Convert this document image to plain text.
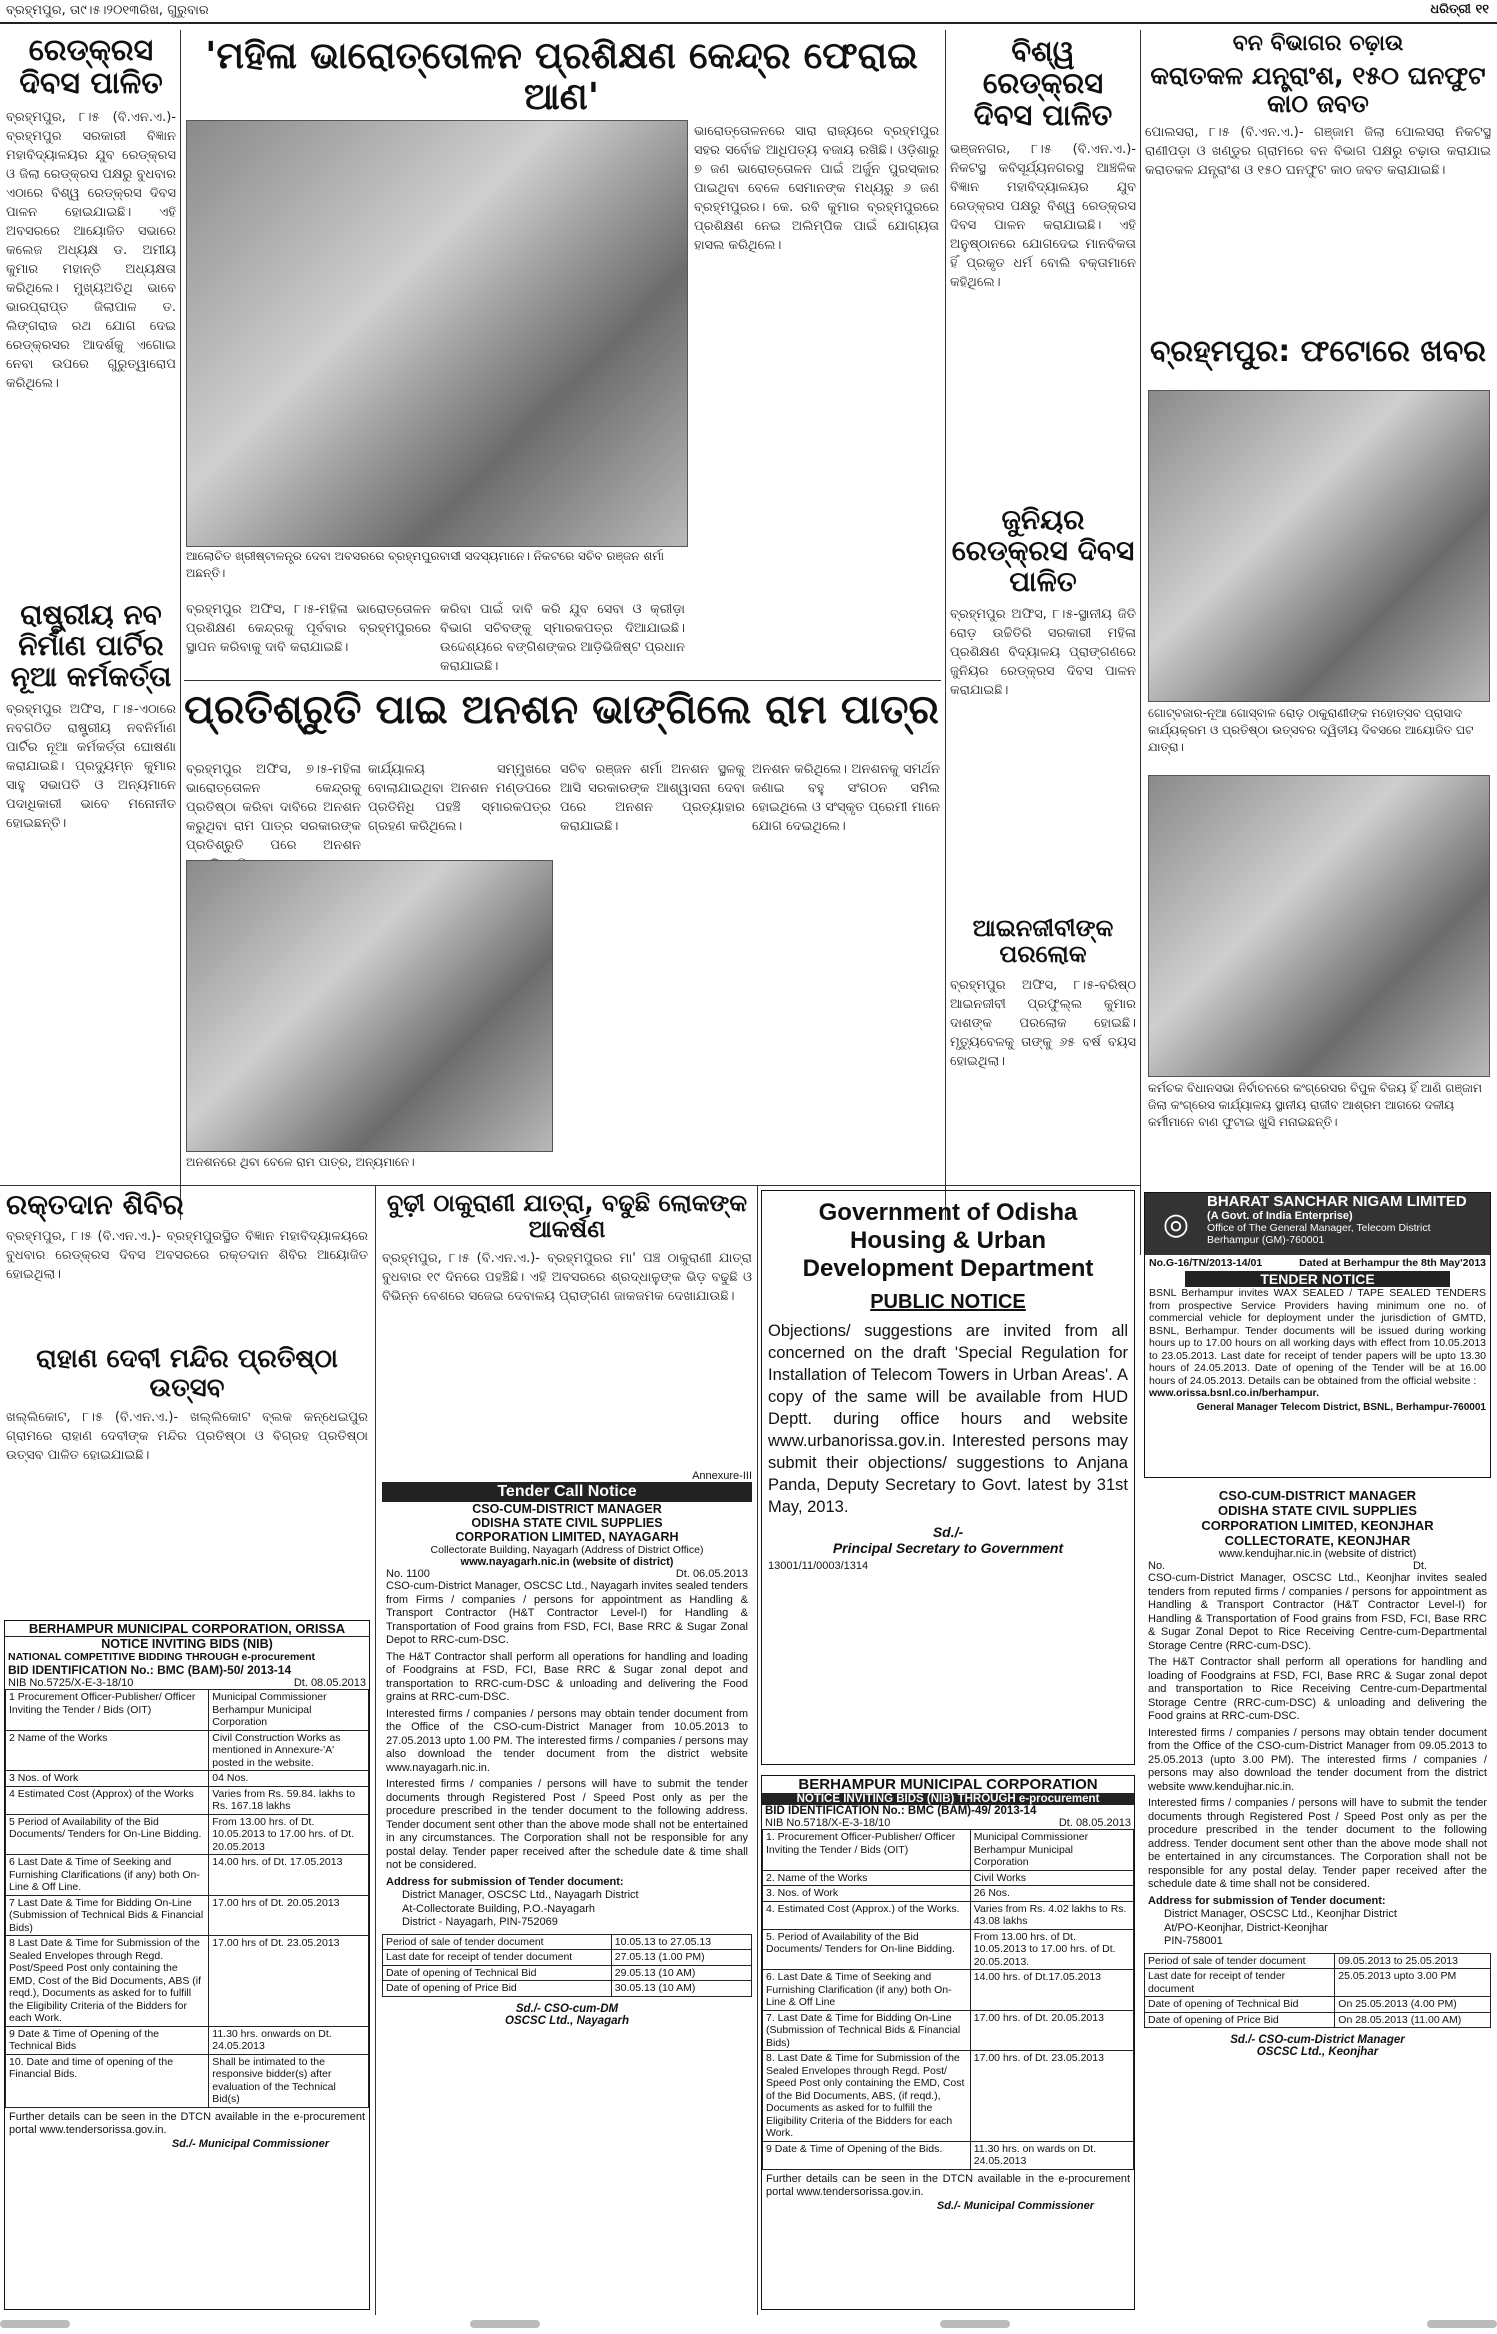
ବ୍ରହ୍ମପୁର, ତା୯।୫।୨୦୧୩ରିଖ, ଗୁରୁବାର	ଧରିତ୍ରୀ ୧୧
ରେଡ୍‌କ୍ରସ ଦିବସ ପାଳିତ
ବ୍ରହ୍ମପୁର, ୮।୫ (ବି.ଏନ.ଏ.)- ବ୍ରହ୍ମପୁର ସରକାରୀ ବିଜ୍ଞାନ ମହାବିଦ୍ୟାଳୟର ଯୁବ ରେଡ୍‌କ୍ରସ ଓ ଜିଲା ରେଡ୍‌କ୍ରସ ପକ୍ଷରୁ ବୁଧବାର ଏଠାରେ ବିଶ୍ୱ ରେଡ୍‌କ୍ରସ ଦିବସ ପାଳନ ହୋଇଯାଇଛି। ଏହି ଅବସରରେ ଆୟୋଜିତ ସଭାରେ କଲେଜ ଅଧ୍ୟକ୍ଷ ଡ. ଅମୀୟ କୁମାର ମହାନ୍ତି ଅଧ୍ୟକ୍ଷତା କରିଥିଲେ। ମୁଖ୍ୟଅତିଥି ଭାବେ ଭାରପ୍ରାପ୍ତ ଜିଲାପାଳ ତ. ଲିଙ୍ଗରାଜ ରଥ ଯୋଗ ଦେଇ ରେଡ୍‌କ୍ରସର ଆଦର୍ଶକୁ ଏଗୋଇ ନେବା ଉପରେ ଗୁରୁତ୍ୱାରୋପ କରିଥିଲେ।
ରାଷ୍ଟ୍ରୀୟ ନବ ନିର୍ମାଣ ପାର୍ଟିର ନୂଆ କର୍ମକର୍ତ୍ତା
ବ୍ରହ୍ମପୁର ଅଫିସ, ୮।୫-ଏଠାରେ ନବଗଠିତ ରାଷ୍ଟ୍ରୀୟ ନବନିର୍ମାଣ ପାର୍ଟିର ନୂଆ କର୍ମକର୍ତ୍ତା ଘୋଷଣା କରାଯାଇଛି। ପ୍ରଦ୍ୟୁମ୍ନ କୁମାର ସାହୁ ସଭାପତି ଓ ଅନ୍ୟମାନେ ପଦାଧିକାରୀ ଭାବେ ମନୋନୀତ ହୋଇଛନ୍ତି।
'ମହିଳା ଭାରୋତ୍ତୋଳନ ପ୍ରଶିକ୍ଷଣ କେନ୍ଦ୍ର ଫେରାଇ ଆଣ'
ଆଲୋଚିତ ଖ୍ରୀଷ୍ଟାଳନ୍ତ୍ର ଦେବା ଅବସରରେ ବ୍ରହ୍ମପୁରବାସୀ ସଦସ୍ୟମାନେ। ନିକଟରେ ସଚିବ ରଞ୍ଜନ ଶର୍ମା ଅଛନ୍ତି।
ଭାରୋତ୍ତୋଳନରେ ସାରା ରାଜ୍ୟରେ ବ୍ରହ୍ମପୁର ସହର ସର୍ବୋଚ୍ଚ ଆଧିପତ୍ୟ ବଜାୟ ରଖିଛି। ଓଡ଼ିଶାରୁ ୭ ଜଣ ଭାରୋତ୍ତୋଳନ ପାଇଁ ଅର୍ଜୁନ ପୁରସ୍କାର ପାଇଥିବା ବେଳେ ସେମାନଙ୍କ ମଧ୍ୟରୁ ୬ ଜଣ ବ୍ରହ୍ମପୁରର। କେ. ରବି କୁମାର ବ୍ରହ୍ମପୁରରେ ପ୍ରଶିକ୍ଷଣ ନେଇ ଅଲିମ୍ପିକ ପାଇଁ ଯୋଗ୍ୟତା ହାସଲ କରିଥିଲେ।
ବ୍ରହ୍ମପୁର ଅଫିସ, ୮।୫-ମହିଳା ଭାରୋତ୍ତୋଳନ ପ୍ରଶିକ୍ଷଣ କେନ୍ଦ୍ରକୁ ପୂର୍ବବାର ବ୍ରହ୍ମପୁରରେ ସ୍ଥାପନ କରିବାକୁ ଦାବି କରାଯାଇଛି।
କରିବା ପାଇଁ ଦାବି କରି ଯୁବ ସେବା ଓ କ୍ରୀଡ଼ା ବିଭାଗ ସଚିବଙ୍କୁ ସ୍ମାରକପତ୍ର ଦିଆଯାଇଛି। ଉଦ୍ଦେଶ୍ୟରେ ବଙ୍ଗିଶଙ୍କର ଆଡ଼ିଭିଜିଷ୍ଟ ପ୍ରଧାନ କରାଯାଇଛି।
ବିଶ୍ୱ ରେଡ୍‌କ୍ରସ ଦିବସ ପାଳିତ
ଭଞ୍ଜନଗର, ୮।୫ (ବି.ଏନ.ଏ.)- ନିକଟସ୍ଥ କବିସୂର୍ଯ୍ୟନଗରସ୍ଥ ଆଞ୍ଚଳିକ ବିଜ୍ଞାନ ମହାବିଦ୍ୟାଳୟର ଯୁବ ରେଡ୍‌କ୍ରସ ପକ୍ଷରୁ ବିଶ୍ୱ ରେଡ୍‌କ୍ରସ ଦିବସ ପାଳନ କରାଯାଇଛି। ଏହି ଅନୁଷ୍ଠାନରେ ଯୋଗଦେଇ ମାନବିକତା ହିଁ ପ୍ରକୃତ ଧର୍ମ ବୋଲି ବକ୍ତାମାନେ କହିଥିଲେ।
ଜୁନିୟର ରେଡ୍‌କ୍ରସ ଦିବସ ପାଳିତ
ବ୍ରହ୍ମପୁର ଅଫିସ, ୮।୫-ସ୍ଥାନୀୟ ଜିତି ରୋଡ଼ ଉଚ୍ଚିତିରି ସରକାରୀ ମହିଳା ପ୍ରଶିକ୍ଷଣ ବିଦ୍ୟାଳୟ ପ୍ରାଙ୍ଗଣରେ ଜୁନିୟର ରେଡ୍‌କ୍ରସ ଦିବସ ପାଳନ କରାଯାଇଛି।
ଆଇନଜୀବୀଙ୍କ ପରଲୋକ
ବ୍ରହ୍ମପୁର ଅଫିସ, ୮।୫-ବରିଷ୍ଠ ଆଇନଜୀବୀ ପ୍ରଫୁଲ୍ଲ କୁମାର ଦାଶଙ୍କ ପରଲୋକ ହୋଇଛି। ମୃତ୍ୟୁବେଳକୁ ତାଙ୍କୁ ୬୫ ବର୍ଷ ବୟସ ହୋଇଥିଲା।
ବନ ବିଭାଗର ଚଢ଼ାଉ
କରାତକଳ ଯନ୍ତ୍ରାଂଶ, ୧୫୦ ଘନଫୁଟ କାଠ ଜବତ
ପୋଲସରା, ୮।୫ (ବି.ଏନ.ଏ.)- ଗଞ୍ଜାମ ଜିଲା ପୋଲସରା ନିକଟସ୍ଥ ରାଣୀପଡ଼ା ଓ ଖଣ୍ଡୁର ଗ୍ରାମରେ ବନ ବିଭାଗ ପକ୍ଷରୁ ଚଢ଼ାଉ କରାଯାଇ କରାତକଳ ଯନ୍ତ୍ରାଂଶ ଓ ୧୫୦ ଘନଫୁଟ କାଠ ଜବତ କରାଯାଇଛି।
ବ୍ରହ୍ମପୁର: ଫଟୋରେ ଖବର
ଗୋଟ୍‌ବଜାର-ନୂଆ ଗୋସ୍‌ବାଳ ରୋଡ଼ ଠାକୁରାଣୀଙ୍କ ମହୋତ୍ସବ ପ୍ରାସାଦ କାର୍ଯ୍ୟକ୍ରମ ଓ ପ୍ରତିଷ୍ଠା ଉତ୍ସବର ଦ୍ୱିତୀୟ ଦିବସରେ ଆୟୋଜିତ ଘଟ ଯାତ୍ରା।
କର୍ମଚକ ବିଧାନସଭା ନିର୍ବାଚନରେ କଂଗ୍ରେସର ବିପୁଳ ବିଜୟ ହିଁ ଆଣି ଗଞ୍ଜାମ ଜିଲା କଂଗ୍ରେସ କାର୍ଯ୍ୟାଳୟ ସ୍ଥାନୀୟ ରାଜୀବ ଆଶ୍ରମ ଆଗରେ ଦଳୀୟ କର୍ମୀମାନେ ବାଣ ଫୁଟାଇ ଖୁସି ମନାଇଛନ୍ତି।
ପ୍ରତିଶ୍ରୁତି ପାଇ ଅନଶନ ଭାଙ୍ଗିଲେ ରାମ ପାତ୍ର
ବ୍ରହ୍ମପୁର ଅଫିସ, ୭।୫-ମହିଳା ଭାରୋତ୍ତୋଳନ କେନ୍ଦ୍ରକୁ ପ୍ରତିଷ୍ଠା କରିବା ଦାବିରେ ଅନଶନ କରୁଥିବା ରାମ ପାତ୍ର ସରକାରଙ୍କ ପ୍ରତିଶ୍ରୁତି ପରେ ଅନଶନ
ଅନଶନରେ ଥିବା ବେଳେ ରାମ ପାତ୍ର, ଅନ୍ୟମାନେ।
କାର୍ଯ୍ୟାଳୟ ସମ୍ମୁଖରେ ବୋଲାଯାଇଥିବା ଅନଶନ ମଣ୍ଡପରେ ପ୍ରତିନିଧି ପହଞ୍ଚି ସ୍ମାରକପତ୍ର ଗ୍ରହଣ କରିଥିଲେ।
ସଚିବ ରଞ୍ଜନ ଶର୍ମା ଅନଶନ ସ୍ଥଳକୁ ଆସି ସରକାରଙ୍କ ଆଶ୍ୱାସନା ଦେବା ପରେ ଅନଶନ ପ୍ରତ୍ୟାହାର କରାଯାଇଛି।
ଅନଶନ କରିଥିଲେ। ଅନଶନକୁ ସମର୍ଥନ ଜଣାଇ ବହୁ ସଂଗଠନ ସମିଲ ହୋଇଥିଲେ ଓ ସଂସ୍କୃତ ପ୍ରେମୀ ମାନେ ଯୋଗ ଦେଇଥିଲେ।
ରକ୍ତଦାନ ଶିବିର
ବ୍ରହ୍ମପୁର, ୮।୫ (ବି.ଏନ.ଏ.)- ବ୍ରହ୍ମପୁରସ୍ଥିତ ବିଜ୍ଞାନ ମହାବିଦ୍ୟାଳୟରେ ବୁଧବାର ରେଡ୍‌କ୍ରସ ଦିବସ ଅବସରରେ ରକ୍ତଦାନ ଶିବିର ଆୟୋଜିତ ହୋଇଥିଲା।
ରାହାଣ ଦେବୀ ମନ୍ଦିର ପ୍ରତିଷ୍ଠା ଉତ୍ସବ
ଖଲ୍ଲିକୋଟ, ୮।୫ (ବି.ଏନ.ଏ.)- ଖଲ୍ଲିକୋଟ ବ୍ଲକ କନ୍ଧେଇପୁର ଗ୍ରାମରେ ରାହାଣ ଦେବୀଙ୍କ ମନ୍ଦିର ପ୍ରତିଷ୍ଠା ଓ ବିଗ୍ରହ ପ୍ରତିଷ୍ଠା ଉତ୍ସବ ପାଳିତ ହୋଇଯାଇଛି।
ବୁଢ଼ୀ ଠାକୁରାଣୀ ଯାତ୍ରା, ବଢୁଛି ଲୋକଙ୍କ ଆକର୍ଷଣ
ବ୍ରହ୍ମପୁର, ୮।୫ (ବି.ଏନ.ଏ.)- ବ୍ରହ୍ମପୁରର ମା' ପଞ୍ଚ ଠାକୁରାଣୀ ଯାତ୍ରା ବୁଧବାର ୧୯ ଦିନରେ ପହଞ୍ଚିଛି। ଏହି ଅବସରରେ ଶ୍ରଦ୍ଧାଳୁଙ୍କ ଭିଡ଼ ବଢୁଛି ଓ ବିଭିନ୍ନ ବେଶରେ ସଜେଇ ଦେବାଳୟ ପ୍ରାଙ୍ଗଣ ଜାକଜମକ ଦେଖାଯାଉଛି।
BERHAMPUR MUNICIPAL CORPORATION, ORISSA
NOTICE INVITING BIDS (NIB)
NATIONAL COMPETITIVE BIDDING THROUGH e-procurement
BID IDENTIFICATION No.: BMC (BAM)-50/ 2013-14
NIB No.5725/X-E-3-18/10	Dt. 08.05.2013
1 Procurement Officer-Publisher/ Officer Inviting the Tender / Bids (OIT)	Municipal Commissioner Berhampur Municipal Corporation
2 Name of the Works	Civil Construction Works as mentioned in Annexure-'A' posted in the website.
3 Nos. of Work	04 Nos.
4 Estimated Cost (Approx) of the Works	Varies from Rs. 59.84. lakhs to Rs. 167.18 lakhs
5 Period of Availability of the Bid Documents/ Tenders for On-Line Bidding.	From 13.00 hrs. of Dt. 10.05.2013 to 17.00 hrs. of Dt. 20.05.2013
6 Last Date & Time of Seeking and Furnishing Clarifications (if any) both On-Line & Off Line.	14.00 hrs. of Dt. 17.05.2013
7 Last Date & Time for Bidding On-Line (Submission of Technical Bids & Financial Bids)	17.00 hrs of Dt. 20.05.2013
8 Last Date & Time for Submission of the Sealed Envelopes through Regd. Post/Speed Post only containing the EMD, Cost of the Bid Documents, ABS (if reqd.), Documents as asked for to fulfill the Eligibility Criteria of the Bidders for each Work.	17.00 hrs of Dt. 23.05.2013
9 Date & Time of Opening of the Technical Bids	11.30 hrs. onwards on Dt. 24.05.2013
10. Date and time of opening of the Financial Bids.	Shall be intimated to the responsive bidder(s) after evaluation of the Technical Bid(s)
Further details can be seen in the DTCN available in the e-procurement portal www.tendersorissa.gov.in.
Sd./- Municipal Commissioner
Annexure-III
Tender Call Notice
CSO-CUM-DISTRICT MANAGER
ODISHA STATE CIVIL SUPPLIES
CORPORATION LIMITED, NAYAGARH
Collectorate Building, Nayagarh (Address of District Office)
www.nayagarh.nic.in (website of district)
No. 1100	Dt. 06.05.2013
CSO-cum-District Manager, OSCSC Ltd., Nayagarh invites sealed tenders from Firms / companies / persons for appointment as Handling & Transport Contractor (H&T Contractor Level-I) for Handling & Transportation of Food grains from FSD, FCI, Base RRC & Sugar Zonal Depot to RRC-cum-DSC.
The H&T Contractor shall perform all operations for handling and loading of Foodgrains at FSD, FCI, Base RRC & Sugar zonal depot and transportation to RRC-cum-DSC & unloading and delivering the Food grains at RRC-cum-DSC.
Interested firms / companies / persons may obtain tender document from the Office of the CSO-cum-District Manager from 10.05.2013 to 27.05.2013 upto 1.00 PM. The interested firms / companies / persons may also download the tender document from the district website www.nayagarh.nic.in.
Interested firms / companies / persons will have to submit the tender documents through Registered Post / Speed Post only as per the procedure prescribed in the tender document to the following address. Tender document sent other than the above mode shall not be entertained in any circumstances. The Corporation shall not be responsible for any postal delay. Tender paper received after the schedule date & time shall not be considered.
Address for submission of Tender document:
District Manager, OSCSC Ltd., Nayagarh District
At-Collectorate Building, P.O.-Nayagarh
District - Nayagarh, PIN-752069
Period of sale of tender document	10.05.13 to 27.05.13
Last date for receipt of tender document	27.05.13 (1.00 PM)
Date of opening of Technical Bid	29.05.13 (10 AM)
Date of opening of Price Bid	30.05.13 (10 AM)
Sd./- CSO-cum-DM
OSCSC Ltd., Nayagarh
Government of Odisha
Housing & Urban
Development Department
PUBLIC NOTICE
Objections/ suggestions are invited from all concerned on the draft 'Special Regulation for Installation of Telecom Towers in Urban Areas'. A copy of the same will be available from HUD Deptt. during office hours and website www.urbanorissa.gov.in. Interested persons may submit their objections/ suggestions to Anjana Panda, Deputy Secretary to Govt. latest by 31st May, 2013.
Sd./-
Principal Secretary to Government
13001/11/0003/1314
BERHAMPUR MUNICIPAL CORPORATION
NOTICE INVITING BIDS (NIB) THROUGH e-procurement
BID IDENTIFICATION No.: BMC (BAM)-49/ 2013-14
NIB No.5718/X-E-3-18/10	Dt. 08.05.2013
1. Procurement Officer-Publisher/ Officer Inviting the Tender / Bids (OIT)	Municipal Commissioner Berhampur Municipal Corporation
2. Name of the Works	Civil Works
3. Nos. of Work	26 Nos.
4. Estimated Cost (Approx.) of the Works.	Varies from Rs. 4.02 lakhs to Rs. 43.08 lakhs
5. Period of Availability of the Bid Documents/ Tenders for On-line Bidding.	From 13.00 hrs. of Dt. 10.05.2013 to 17.00 hrs. of Dt. 20.05.2013.
6. Last Date & Time of Seeking and Furnishing Clarification (if any) both On-Line & Off Line	14.00 hrs. of Dt.17.05.2013
7. Last Date & Time for Bidding On-Line (Submission of Technical Bids & Financial Bids)	17.00 hrs. of Dt. 20.05.2013
8. Last Date & Time for Submission of the Sealed Envelopes through Regd. Post/ Speed Post only containing the EMD, Cost of the Bid Documents, ABS, (if reqd.), Documents as asked for to fulfill the Eligibility Criteria of the Bidders for each Work.	17.00 hrs. of Dt. 23.05.2013
9 Date & Time of Opening of the Bids.	11.30 hrs. on wards on Dt. 24.05.2013
Further details can be seen in the DTCN available in the e-procurement portal www.tendersorissa.gov.in.
Sd./- Municipal Commissioner
◎
BHARAT SANCHAR NIGAM LIMITED
(A Govt. of India Enterprise)
Office of The General Manager, Telecom District
Berhampur (GM)-760001
No.G-16/TN/2013-14/01	Dated at Berhampur the 8th May'2013
TENDER NOTICE
BSNL Berhampur invites WAX SEALED / TAPE SEALED TENDERS from prospective Service Providers having minimum one no. of commercial vehicle for deployment under the jurisdiction of GMTD, BSNL, Berhampur. Tender documents will be issued during working hours up to 17.00 hours on all working days with effect from 10.05.2013 to 23.05.2013. Last date for receipt of tender papers will be upto 13.30 hours of 24.05.2013. Date of opening of the Tender will be at 16.00 hours of 24.05.2013. Details can be obtained from the official website :
www.orissa.bsnl.co.in/berhampur.
General Manager Telecom District, BSNL, Berhampur-760001
CSO-CUM-DISTRICT MANAGER
ODISHA STATE CIVIL SUPPLIES
CORPORATION LIMITED, KEONJHAR
COLLECTORATE, KEONJHAR
www.kendujhar.nic.in (website of district)
No.	Dt.
CSO-cum-District Manager, OSCSC Ltd., Keonjhar invites sealed tenders from reputed firms / companies / persons for appointment as Handling & Transport Contractor (H&T Contractor Level-I) for Handling & Transportation of Food grains from FSD, FCI, Base RRC & Sugar Zonal Depot to Rice Receiving Centre-cum-Departmental Storage Centre (RRC-cum-DSC).
The H&T Contractor shall perform all operations for handling and loading of Foodgrains at FSD, FCI, Base RRC & Sugar zonal depot and transportation to Rice Receiving Centre-cum-Departmental Storage Centre (RRC-cum-DSC) & unloading and delivering the Food grains at RRC-cum-DSC.
Interested firms / companies / persons may obtain tender document from the Office of the CSO-cum-District Manager from 09.05.2013 to 25.05.2013 (upto 3.00 PM). The interested firms / companies / persons may also download the tender document from the district website www.kendujhar.nic.in.
Interested firms / companies / persons will have to submit the tender documents through Registered Post / Speed Post only as per the procedure prescribed in the tender document to the following address. Tender document sent other than the above mode shall not be entertained in any circumstances. The Corporation shall not be responsible for any postal delay. Tender paper received after the schedule date & time shall not be considered.
Address for submission of Tender document:
District Manager, OSCSC Ltd., Keonjhar District
At/PO-Keonjhar, District-Keonjhar
PIN-758001
Period of sale of tender document	09.05.2013 to 25.05.2013
Last date for receipt of tender document	25.05.2013 upto 3.00 PM
Date of opening of Technical Bid	On 25.05.2013 (4.00 PM)
Date of opening of Price Bid	On 28.05.2013 (11.00 AM)
Sd./- CSO-cum-District Manager
OSCSC Ltd., Keonjhar
